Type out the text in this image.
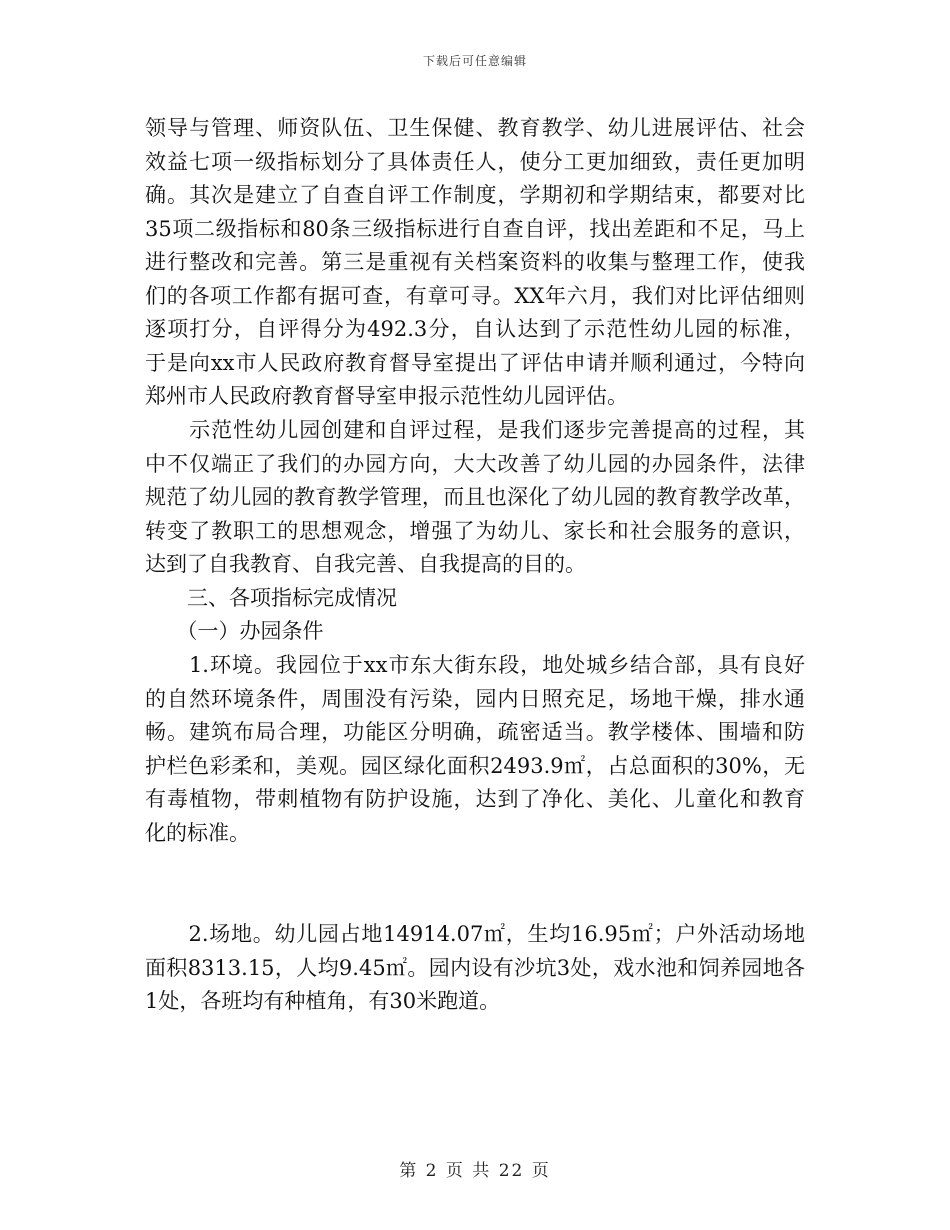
下载后可任意编辑
领导与管理、师资队伍、卫生保健、教育教学、幼儿进展评估、社会
效益七项一级指标划分了具体责任人，使分工更加细致，责任更加明
确。其次是建立了自查自评工作制度，学期初和学期结束，都要对比
35项二级指标和80条三级指标进行自查自评，找出差距和不足，马上
进行整改和完善。第三是重视有关档案资料的收集与整理工作，使我
们的各项工作都有据可查，有章可寻。XX年六月，我们对比评估细则
逐项打分，自评得分为492.3分，自认达到了示范性幼儿园的标准，
于是向xx市人民政府教育督导室提出了评估申请并顺利通过，今特向
郑州市人民政府教育督导室申报示范性幼儿园评估。
　　示范性幼儿园创建和自评过程，是我们逐步完善提高的过程，其
中不仅端正了我们的办园方向，大大改善了幼儿园的办园条件，法律
规范了幼儿园的教育教学管理，而且也深化了幼儿园的教育教学改革，
转变了教职工的思想观念，增强了为幼儿、家长和社会服务的意识，
达到了自我教育、自我完善、自我提高的目的。
　　三、各项指标完成情况
　　（一）办园条件
　　1.环境。我园位于xx市东大街东段，地处城乡结合部，具有良好
的自然环境条件，周围没有污染，园内日照充足，场地干燥，排水通
畅。建筑布局合理，功能区分明确，疏密适当。教学楼体、围墙和防
护栏色彩柔和，美观。园区绿化面积2493.9㎡，占总面积的30%，无
有毒植物，带刺植物有防护设施，达到了净化、美化、儿童化和教育
化的标准。
　　2.场地。幼儿园占地14914.07㎡，生均16.95㎡；户外活动场地
面积8313.15，人均9.45㎡。园内设有沙坑3处，戏水池和饲养园地各
1处，各班均有种植角，有30米跑道。
第 2 页 共 22 页
